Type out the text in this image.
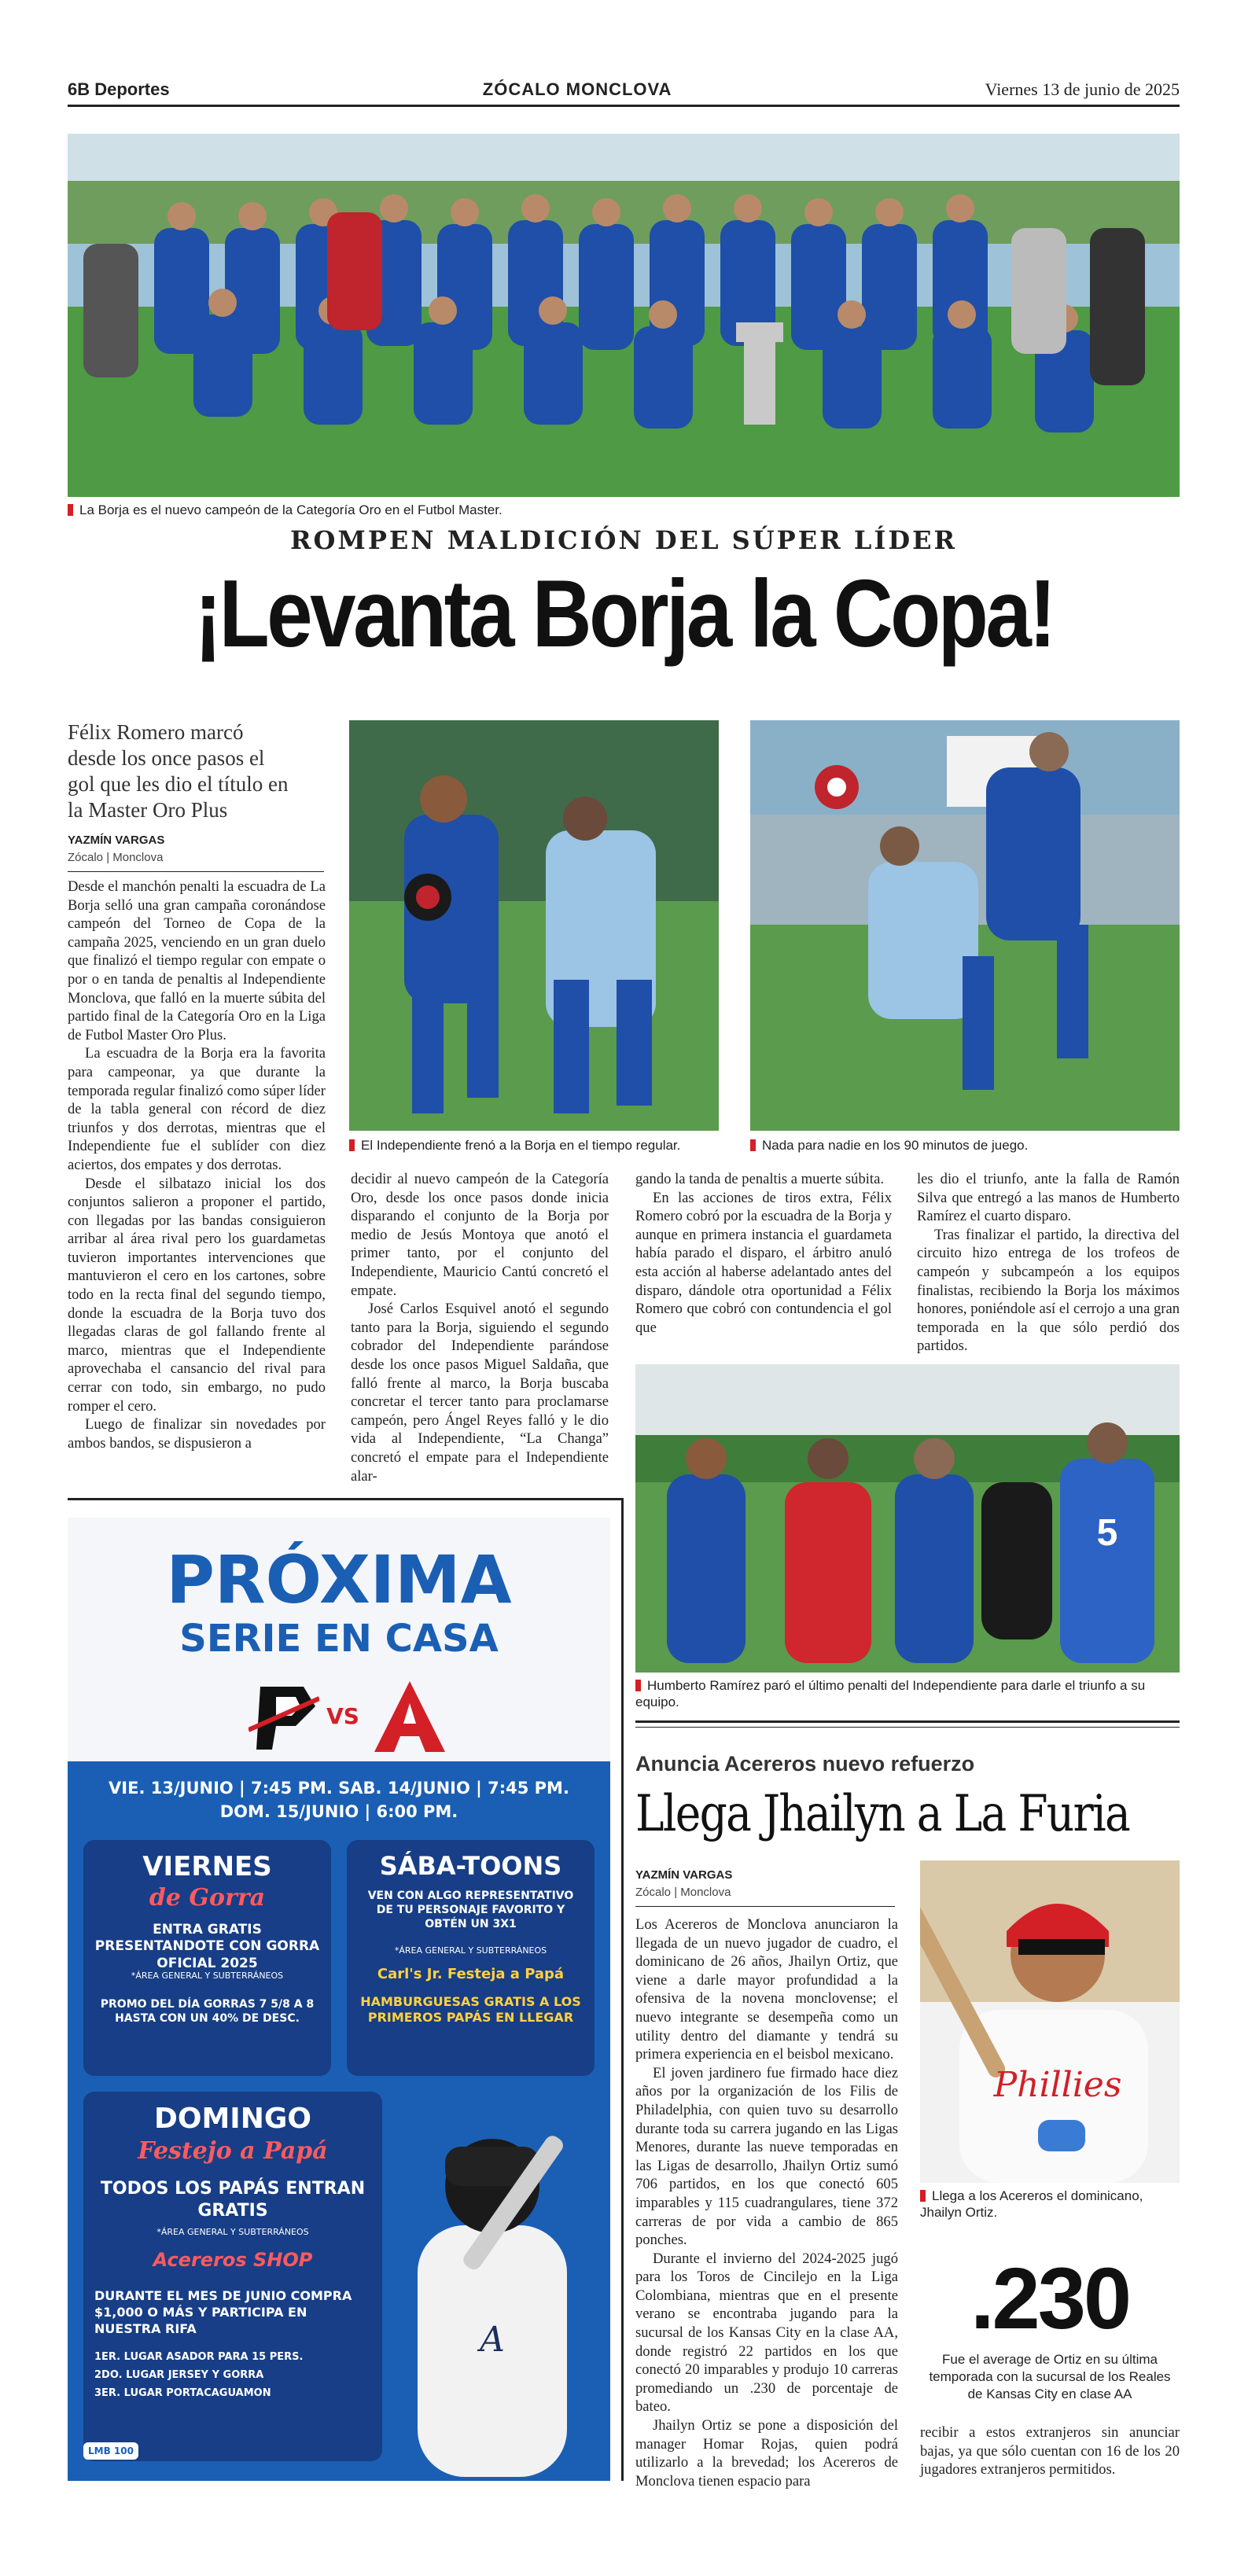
6B Deportes	ZÓCALO MONCLOVA	Viernes 13 de junio de 2025
La Borja es el nuevo campeón de la Categoría Oro en el Futbol Master.
ROMPEN MALDICIÓN DEL SÚPER LÍDER
¡Levanta Borja la Copa!
Félix Romero marcó desde los once pasos el gol que les dio el título en la Master Oro Plus
YAZMÍN VARGAS
Zócalo | Monclova

Desde el manchón penalti la escuadra de La Borja selló una gran campaña coronándose campeón del Torneo de Copa de la campaña 2025, venciendo en un gran duelo que finalizó el tiempo regular con empate o por o en tanda de penaltis al Independiente Monclova, que falló en la muerte súbita del partido final de la Categoría Oro en la Liga de Futbol Master Oro Plus.

La escuadra de la Borja era la favorita para campeonar, ya que durante la temporada regular finalizó como súper líder de la tabla general con récord de diez triunfos y dos derrotas, mientras que el Independiente fue el sublíder con diez aciertos, dos empates y dos derrotas.

Desde el silbatazo inicial los dos conjuntos salieron a proponer el partido, con llegadas por las bandas consiguieron arribar al área rival pero los guardametas tuvieron importantes intervenciones que mantuvieron el cero en los cartones, sobre todo en la recta final del segundo tiempo, donde la escuadra de la Borja tuvo dos llegadas claras de gol fallando frente al marco, mientras que el Independiente aprovechaba el cansancio del rival para cerrar con todo, sin embargo, no pudo romper el cero.

Luego de finalizar sin novedades por ambos bandos, se dispusieron a

El Independiente frenó a la Borja en el tiempo regular.	Nada para nadie en los 90 minutos de juego.

decidir al nuevo campeón de la Categoría Oro, desde los once pasos donde inicia disparando el conjunto de la Borja por medio de Jesús Montoya que anotó el primer tanto, por el conjunto del Independiente, Mauricio Cantú concretó el empate.

José Carlos Esquivel anotó el segundo tanto para la Borja, siguiendo el segundo cobrador del Independiente parándose desde los once pasos Miguel Saldaña, que falló frente al marco, la Borja buscaba concretar el tercer tanto para proclamarse campeón, pero Ángel Reyes falló y le dio vida al Independiente, “La Changa” concretó el empate para el Independiente alar-

gando la tanda de penaltis a muerte súbita.

En las acciones de tiros extra, Félix Romero cobró por la escuadra de la Borja y aunque en primera instancia el guardameta había parado el disparo, el árbitro anuló esta acción al haberse adelantado antes del disparo, dándole otra oportunidad a Félix Romero que cobró con contundencia el gol que

les dio el triunfo, ante la falla de Ramón Silva que entregó a las manos de Humberto Ramírez el cuarto disparo.

Tras finalizar el partido, la directiva del circuito hizo entrega de los trofeos de campeón y subcampeón a los equipos finalistas, recibiendo la Borja los máximos honores, poniéndole así el cerrojo a una gran temporada en la que sólo perdió dos partidos.

5
Humberto Ramírez paró el último penalti del Independiente para darle el triunfo a su equipo.
PRÓXIMA
SERIE EN CASA
VS
VIE. 13/JUNIO | 7:45 PM. SAB. 14/JUNIO | 7:45 PM.
DOM. 15/JUNIO | 6:00 PM.
VIERNES
de Gorra
ENTRA GRATIS PRESENTANDOTE CON GORRA OFICIAL 2025
*ÁREA GENERAL Y SUBTERRÁNEOS
PROMO DEL DÍA GORRAS 7 5/8 A 8 HASTA CON UN 40% DE DESC.
SÁBA-TOONS
VEN CON ALGO REPRESENTATIVO DE TU PERSONAJE FAVORITO Y OBTÉN UN 3X1
*ÁREA GENERAL Y SUBTERRÁNEOS
Carl's Jr. Festeja a Papá
HAMBURGUESAS GRATIS A LOS PRIMEROS PAPÁS EN LLEGAR
DOMINGO
Festejo a Papá
TODOS LOS PAPÁS ENTRAN GRATIS
*ÁREA GENERAL Y SUBTERRÁNEOS
Acereros SHOP
DURANTE EL MES DE JUNIO COMPRA $1,000 O MÁS Y PARTICIPA EN NUESTRA RIFA
1ER. LUGAR ASADOR PARA 15 PERS.
2DO. LUGAR JERSEY Y GORRA
3ER. LUGAR PORTACAGUAMON
A
LMB 100
Anuncia Acereros nuevo refuerzo
Llega Jhailyn a La Furia
YAZMÍN VARGAS
Zócalo | Monclova

Los Acereros de Monclova anunciaron la llegada de un nuevo jugador de cuadro, el dominicano de 26 años, Jhailyn Ortiz, que viene a darle mayor profundidad a la ofensiva de la novena monclovense; el nuevo integrante se desempeña como un utility dentro del diamante y tendrá su primera experiencia en el beisbol mexicano.

El joven jardinero fue firmado hace diez años por la organización de los Filis de Philadelphia, con quien tuvo su desarrollo durante toda su carrera jugando en las Ligas Menores, durante las nueve temporadas en las Ligas de desarrollo, Jhailyn Ortiz sumó 706 partidos, en los que conectó 605 imparables y 115 cuadrangulares, tiene 372 carreras de por vida a cambio de 865 ponches.

Durante el invierno del 2024-2025 jugó para los Toros de Cincilejo en la Liga Colombiana, mientras que en el presente verano se encontraba jugando para la sucursal de los Kansas City en la clase AA, donde registró 22 partidos en los que conectó 20 imparables y produjo 10 carreras promediando un .230 de porcentaje de bateo.

Jhailyn Ortiz se pone a disposición del manager Homar Rojas, quien podrá utilizarlo a la brevedad; los Acereros de Monclova tienen espacio para

Phillies
Llega a los Acereros el dominicano, Jhailyn Ortiz.
.230
Fue el average de Ortiz en su última temporada con la sucursal de los Reales de Kansas City en clase AA

recibir a estos extranjeros sin anunciar bajas, ya que sólo cuentan con 16 de los 20 jugadores extranjeros permitidos.
